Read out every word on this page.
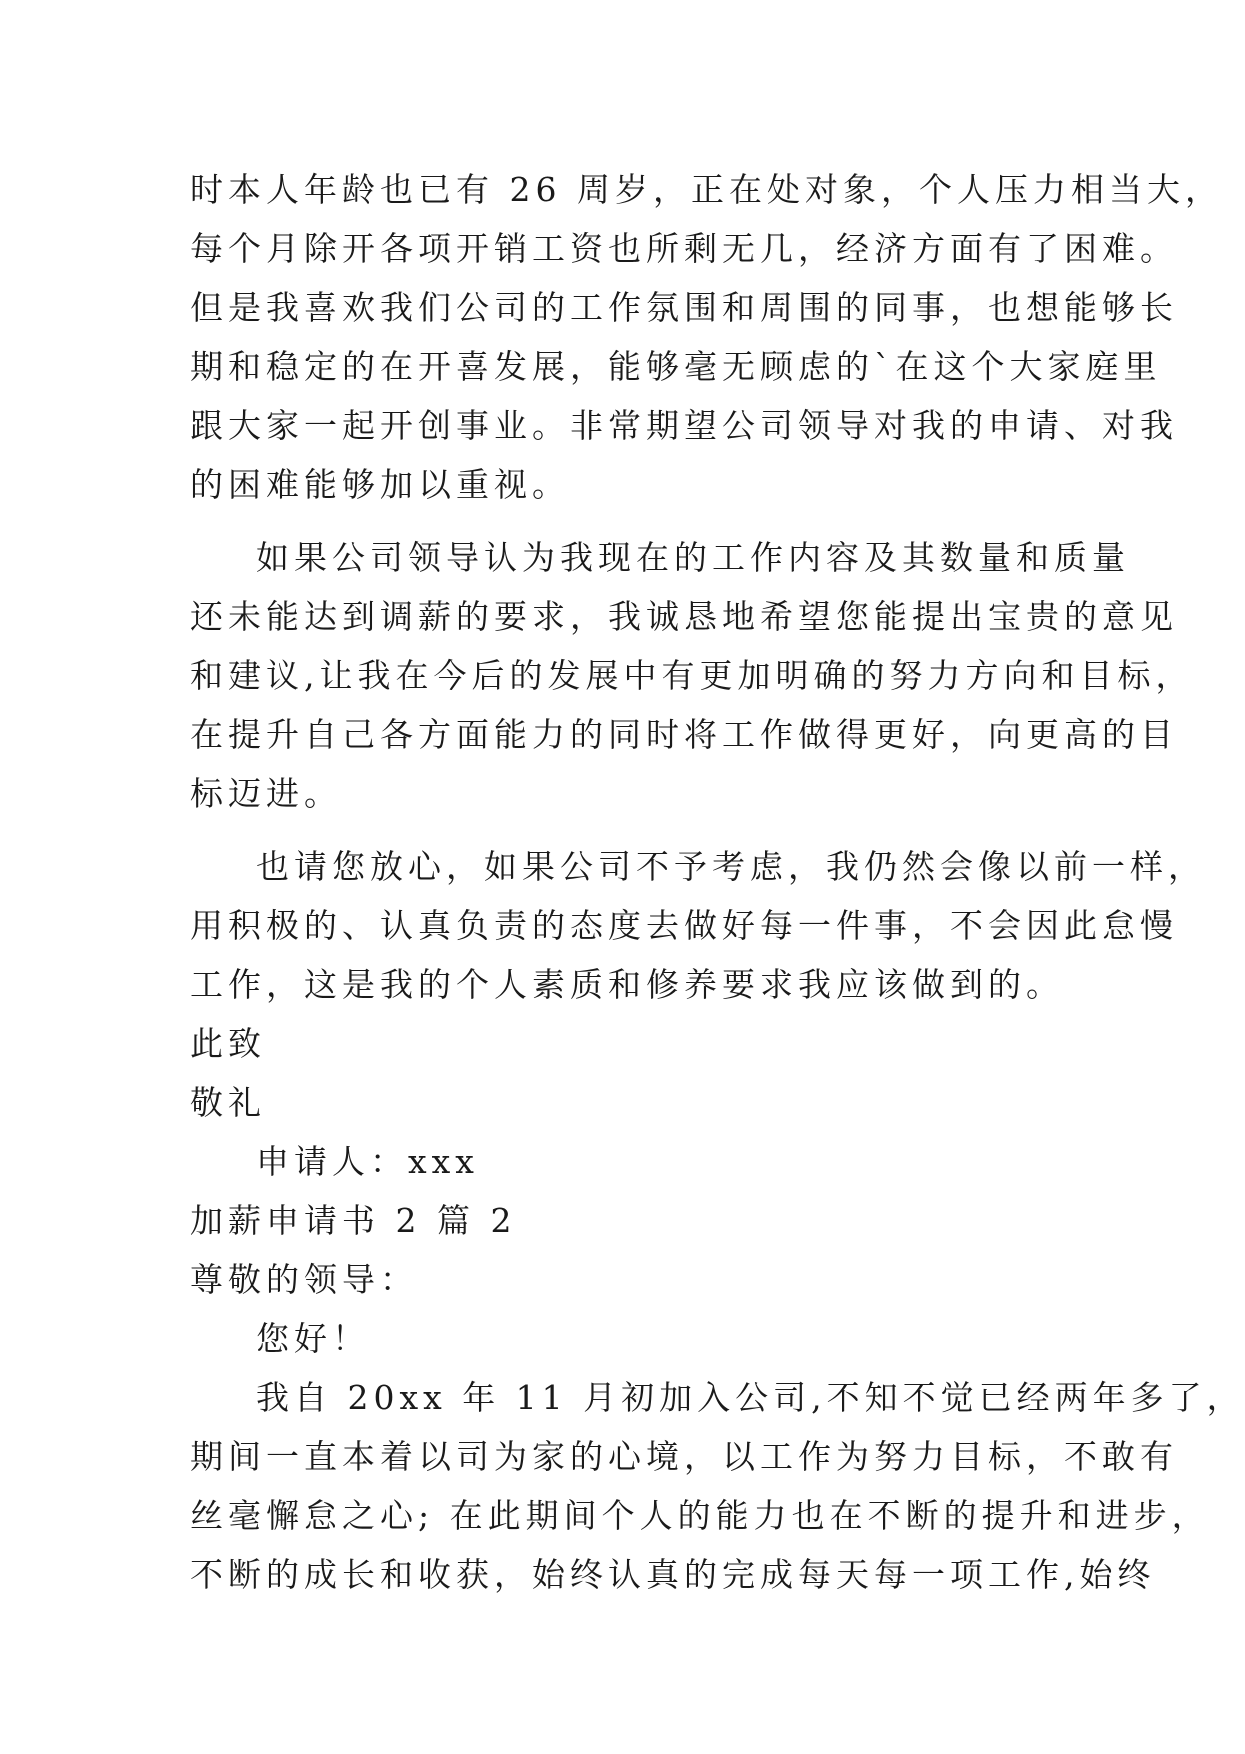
时本人年龄也已有 26 周岁，正在处对象，个人压力相当大，
每个月除开各项开销工资也所剩无几，经济方面有了困难。
但是我喜欢我们公司的工作氛围和周围的同事，也想能够长
期和稳定的在开喜发展，能够毫无顾虑的`在这个大家庭里
跟大家一起开创事业。非常期望公司领导对我的申请、对我
的困难能够加以重视。
如果公司领导认为我现在的工作内容及其数量和质量
还未能达到调薪的要求，我诚恳地希望您能提出宝贵的意见
和建议,让我在今后的发展中有更加明确的努力方向和目标，
在提升自己各方面能力的同时将工作做得更好，向更高的目
标迈进。
也请您放心，如果公司不予考虑，我仍然会像以前一样，
用积极的、认真负责的态度去做好每一件事，不会因此怠慢
工作，这是我的个人素质和修养要求我应该做到的。
此致
敬礼
申请人：xxx
加薪申请书 2 篇 2
尊敬的领导：
您好！
我自 20xx 年 11 月初加入公司,不知不觉已经两年多了，
期间一直本着以司为家的心境，以工作为努力目标，不敢有
丝毫懈怠之心; 在此期间个人的能力也在不断的提升和进步，
不断的成长和收获，始终认真的完成每天每一项工作,始终
